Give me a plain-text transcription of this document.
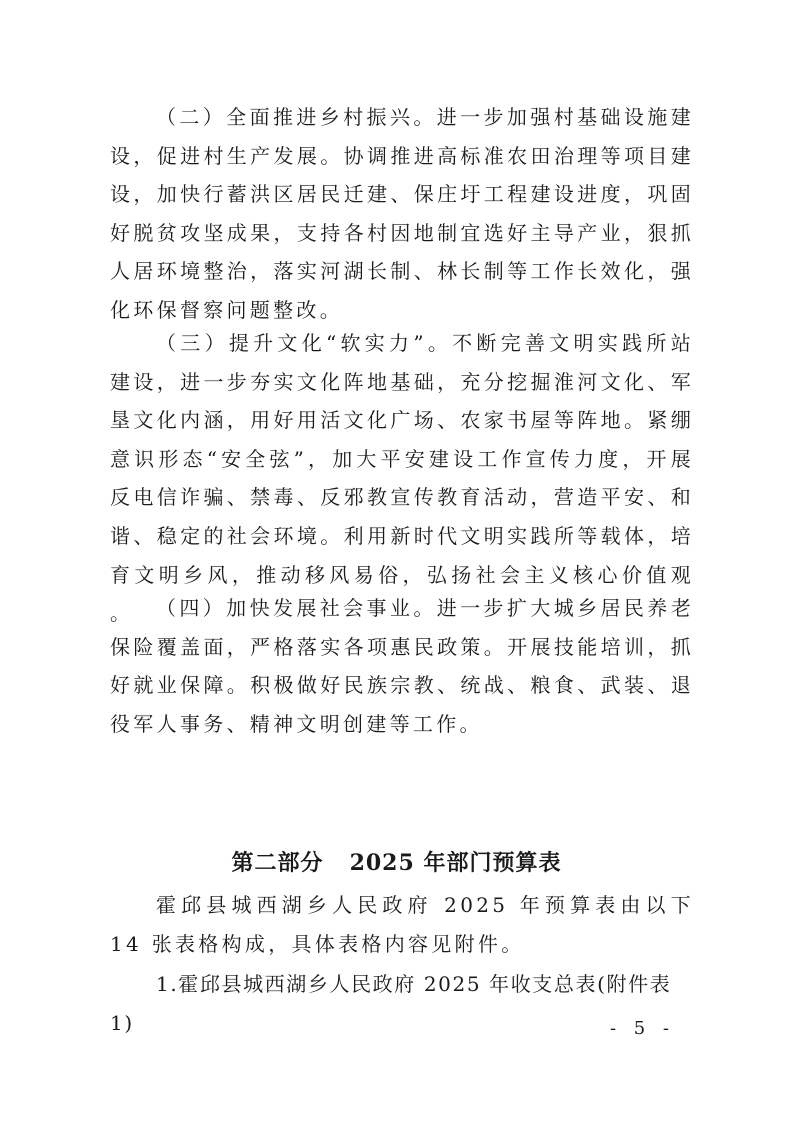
（二）全面推进乡村振兴。进一步加强村基础设施建设，促进村生产发展。协调推进高标准农田治理等项目建设，加快行蓄洪区居民迁建、保庄圩工程建设进度，巩固好脱贫攻坚成果，支持各村因地制宜选好主导产业，狠抓人居环境整治，落实河湖长制、林长制等工作长效化，强化环保督察问题整改。

（三）提升文化“软实力”。不断完善文明实践所站建设，进一步夯实文化阵地基础，充分挖掘淮河文化、军垦文化内涵，用好用活文化广场、农家书屋等阵地。紧绷意识形态“安全弦”，加大平安建设工作宣传力度，开展反电信诈骗、禁毒、反邪教宣传教育活动，营造平安、和谐、稳定的社会环境。利用新时代文明实践所等载体，培育文明乡风，推动移风易俗，弘扬社会主义核心价值观 。	（四）加快发展社会事业。进一步扩大城乡居民养老保险覆盖面，严格落实各项惠民政策。开展技能培训，抓好就业保障。积极做好民族宗教、统战、粮食、武装、退役军人事务、精神文明创建等工作。

第二部分 2025 年部门预算表

霍邱县城西湖乡人民政府 2025 年预算表由以下 14 张表格构成，具体表格内容见附件。

1.霍邱县城西湖乡人民政府 2025 年收支总表(附件表 1)	- 5 -
